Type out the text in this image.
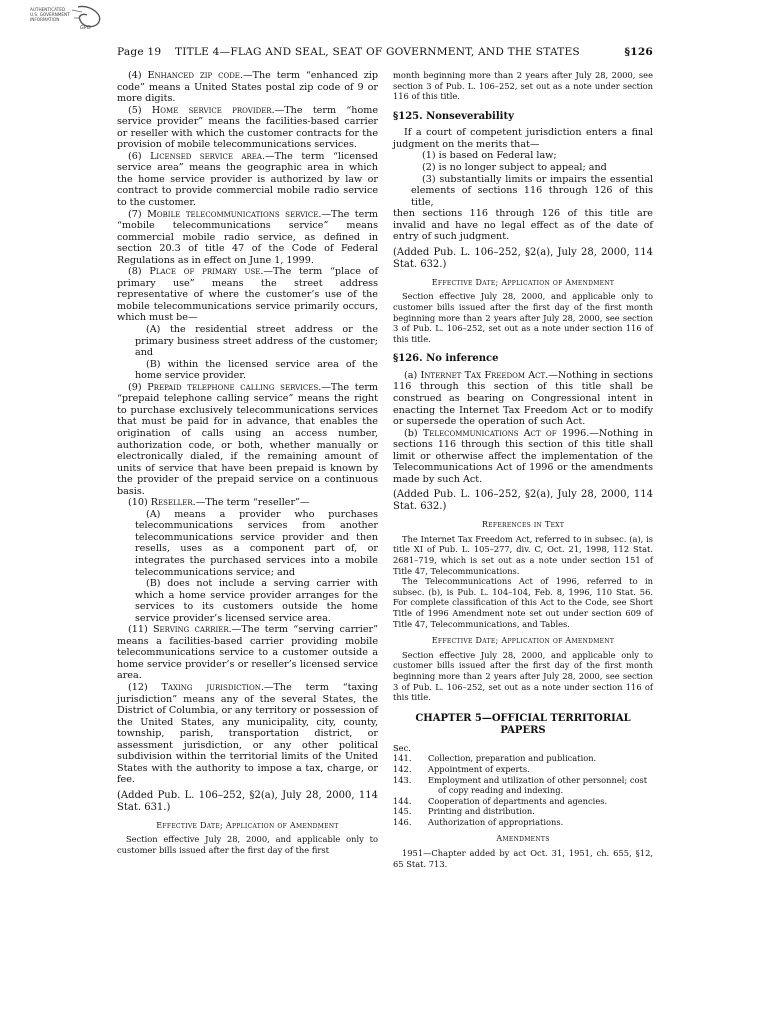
AUTHENTICATED
U.S. GOVERNMENT
INFORMATION
GPO
Page 19 TITLE 4—FLAG AND SEAL, SEAT OF GOVERNMENT, AND THE STATES	§126

(4) Enhanced zip code.—The term “enhanced zip code” means a United States postal zip code of 9 or more digits.

(5) Home service provider.—The term “home service provider” means the facilities-based carrier or reseller with which the customer contracts for the provision of mobile telecommunications services.

(6) Licensed service area.—The term “licensed service area” means the geographic area in which the home service provider is authorized by law or contract to provide commercial mobile radio service to the customer.

(7) Mobile telecommunications service.—The term “mobile telecommunications service” means commercial mobile radio service, as defined in section 20.3 of title 47 of the Code of Federal Regulations as in effect on June 1, 1999.

(8) Place of primary use.—The term “place of primary use” means the street address representative of where the customer’s use of the mobile telecommunications service primarily occurs, which must be—

(A) the residential street address or the primary business street address of the customer; and

(B) within the licensed service area of the home service provider.

(9) Prepaid telephone calling services.—The term “prepaid telephone calling service” means the right to purchase exclusively telecommunications services that must be paid for in advance, that enables the origination of calls using an access number, authorization code, or both, whether manually or electronically dialed, if the remaining amount of units of service that have been prepaid is known by the provider of the prepaid service on a continuous basis.

(10) Reseller.—The term “reseller”—

(A) means a provider who purchases telecommunications services from another telecommunications service provider and then resells, uses as a component part of, or integrates the purchased services into a mobile telecommunications service; and

(B) does not include a serving carrier with which a home service provider arranges for the services to its customers outside the home service provider’s licensed service area.

(11) Serving carrier.—The term “serving carrier” means a facilities-based carrier providing mobile telecommunications service to a customer outside a home service provider’s or reseller’s licensed service area.

(12) Taxing jurisdiction.—The term “taxing jurisdiction” means any of the several States, the District of Columbia, or any territory or possession of the United States, any municipality, city, county, township, parish, transportation district, or assessment jurisdiction, or any other political subdivision within the territorial limits of the United States with the authority to impose a tax, charge, or fee.

(Added Pub. L. 106–252, §2(a), July 28, 2000, 114 Stat. 631.)

Effective Date; Application of Amendment

Section effective July 28, 2000, and applicable only to customer bills issued after the first day of the first

month beginning more than 2 years after July 28, 2000, see section 3 of Pub. L. 106–252, set out as a note under section 116 of this title.

§125. Nonseverability

If a court of competent jurisdiction enters a final judgment on the merits that—

(1) is based on Federal law;

(2) is no longer subject to appeal; and

(3) substantially limits or impairs the essential elements of sections 116 through 126 of this title,

then sections 116 through 126 of this title are invalid and have no legal effect as of the date of entry of such judgment.

(Added Pub. L. 106–252, §2(a), July 28, 2000, 114 Stat. 632.)

Effective Date; Application of Amendment

Section effective July 28, 2000, and applicable only to customer bills issued after the first day of the first month beginning more than 2 years after July 28, 2000, see section 3 of Pub. L. 106–252, set out as a note under section 116 of this title.

§126. No inference

(a) Internet Tax Freedom Act.—Nothing in sections 116 through this section of this title shall be construed as bearing on Congressional intent in enacting the Internet Tax Freedom Act or to modify or supersede the operation of such Act.

(b) Telecommunications Act of 1996.—Nothing in sections 116 through this section of this title shall limit or otherwise affect the implementation of the Telecommunications Act of 1996 or the amendments made by such Act.

(Added Pub. L. 106–252, §2(a), July 28, 2000, 114 Stat. 632.)

References in Text

The Internet Tax Freedom Act, referred to in subsec. (a), is title XI of Pub. L. 105–277, div. C, Oct. 21, 1998, 112 Stat. 2681–719, which is set out as a note under section 151 of Title 47, Telecommunications.

The Telecommunications Act of 1996, referred to in subsec. (b), is Pub. L. 104–104, Feb. 8, 1996, 110 Stat. 56. For complete classification of this Act to the Code, see Short Title of 1996 Amendment note set out under section 609 of Title 47, Telecommunications, and Tables.

Effective Date; Application of Amendment

Section effective July 28, 2000, and applicable only to customer bills issued after the first day of the first month beginning more than 2 years after July 28, 2000, see section 3 of Pub. L. 106–252, set out as a note under section 116 of this title.

CHAPTER 5—OFFICIAL TERRITORIAL PAPERS
Sec.	
141.	Collection, preparation and publication.
142.	Appointment of experts.
143.	Employment and utilization of other personnel; cost of copy reading and indexing.
144.	Cooperation of departments and agencies.
145.	Printing and distribution.
146.	Authorization of appropriations.
Amendments

1951—Chapter added by act Oct. 31, 1951, ch. 655, §12, 65 Stat. 713.
